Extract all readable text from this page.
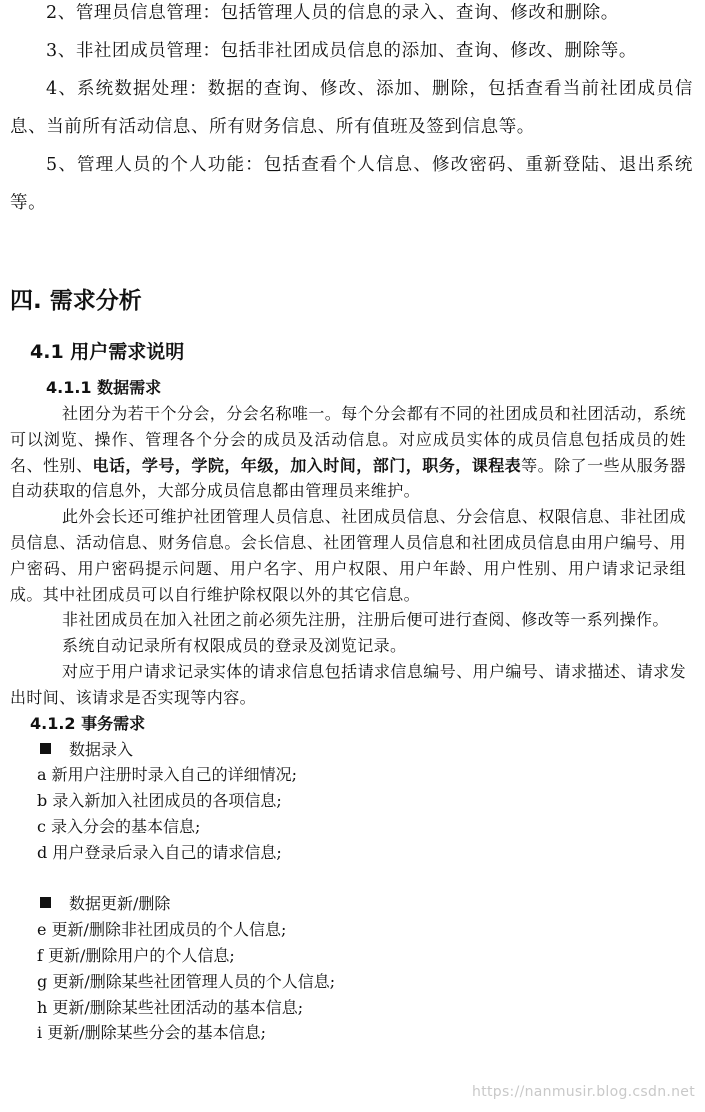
2、管理员信息管理：包括管理人员的信息的录入、查询、修改和删除。

3、非社团成员管理：包括非社团成员信息的添加、查询、修改、删除等。

4、系统数据处理：数据的查询、修改、添加、删除，包括查看当前社团成员信息、当前所有活动信息、所有财务信息、所有值班及签到信息等。

5、管理人员的个人功能：包括查看个人信息、修改密码、重新登陆、退出系统等。

四. 需求分析
4.1 用户需求说明
4.1.1 数据需求

社团分为若干个分会，分会名称唯一。每个分会都有不同的社团成员和社团活动，系统可以浏览、操作、管理各个分会的成员及活动信息。对应成员实体的成员信息包括成员的姓名、性别、电话，学号，学院，年级，加入时间，部门，职务，课程表等。除了一些从服务器自动获取的信息外，大部分成员信息都由管理员来维护。

此外会长还可维护社团管理人员信息、社团成员信息、分会信息、权限信息、非社团成员信息、活动信息、财务信息。会长信息、社团管理人员信息和社团成员信息由用户编号、用户密码、用户密码提示问题、用户名字、用户权限、用户年龄、用户性别、用户请求记录组成。其中社团成员可以自行维护除权限以外的其它信息。

非社团成员在加入社团之前必须先注册，注册后便可进行查阅、修改等一系列操作。

系统自动记录所有权限成员的登录及浏览记录。

对应于用户请求记录实体的请求信息包括请求信息编号、用户编号、请求描述、请求发出时间、该请求是否实现等内容。

4.1.2 事务需求

数据录入

a 新用户注册时录入自己的详细情况;
b 录入新加入社团成员的各项信息;
c 录入分会的基本信息;
d 用户登录后录入自己的请求信息;

数据更新/删除

e 更新/删除非社团成员的个人信息;
f 更新/删除用户的个人信息;
g 更新/删除某些社团管理人员的个人信息;
h 更新/删除某些社团活动的基本信息;
i 更新/删除某些分会的基本信息;
https://nanmusir.blog.csdn.net
